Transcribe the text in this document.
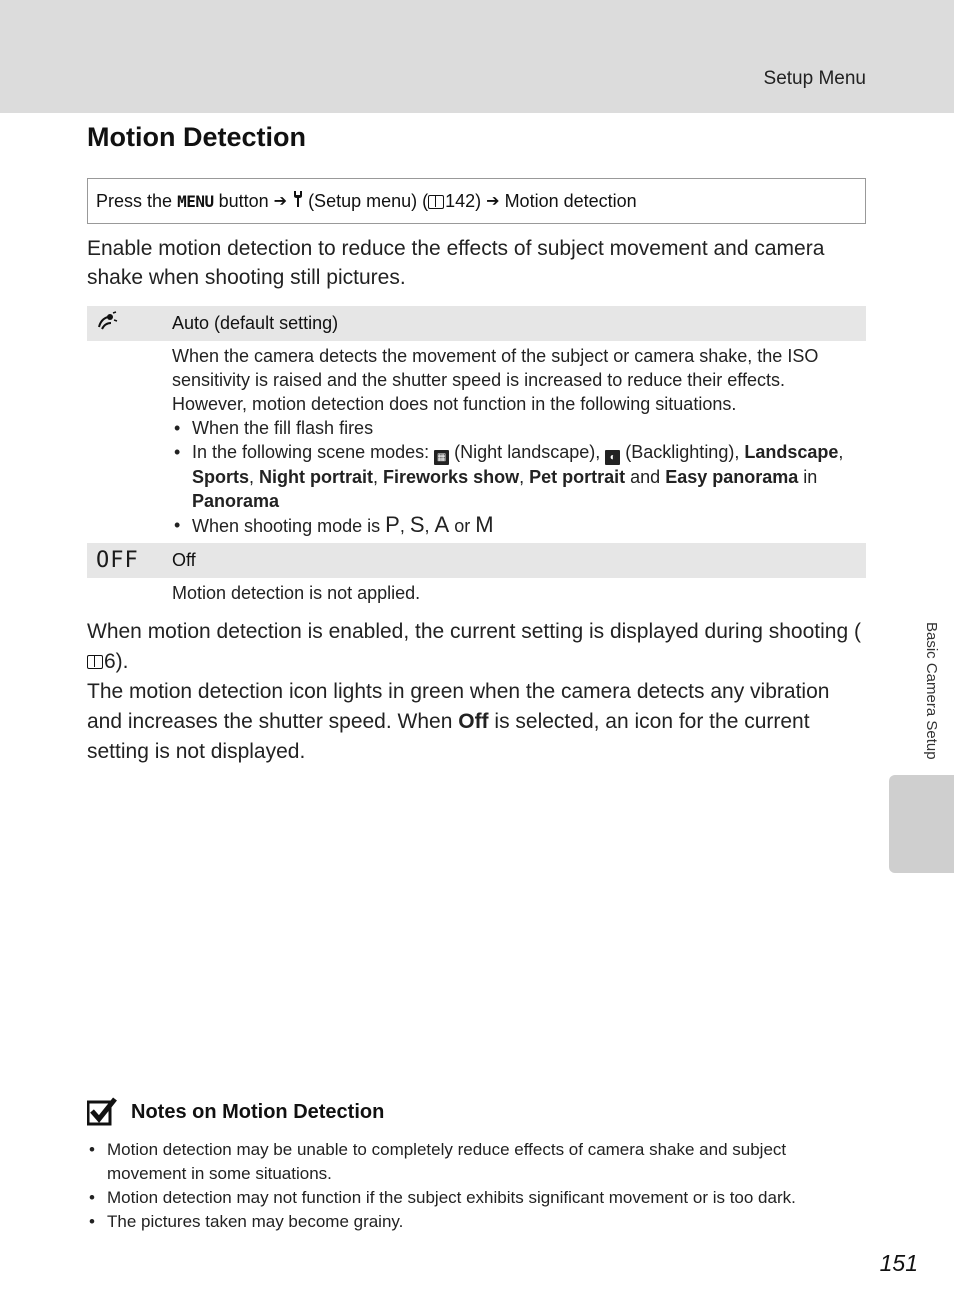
Setup Menu
Motion Detection
Press the
MENU
button ➔ (Setup menu) ( 142) ➔ Motion detection

Enable motion detection to reduce the effects of subject movement and camera shake when shooting still pictures.

Auto (default setting)

When the camera detects the movement of the subject or camera shake, the ISO sensitivity is raised and the shutter speed is increased to reduce their effects. However, motion detection does not function in the following situations.

• When the fill flash fires
• In the following scene modes: ▦ (Night landscape), ◐ (Backlighting), Landscape, Sports, Night portrait, Fireworks show, Pet portrait and Easy panorama in Panorama
• When shooting mode is P, S, A or M
OFF	Off
Motion detection is not applied.

When motion detection is enabled, the current setting is displayed during shooting (6).

The motion detection icon lights in green when the camera detects any vibration and increases the shutter speed. When Off is selected, an icon for the current setting is not displayed.	Basic Camera Setup
Notes on Motion Detection
• Motion detection may be unable to completely reduce effects of camera shake and subject movement in some situations.
• Motion detection may not function if the subject exhibits significant movement or is too dark.
• The pictures taken may become grainy.
151
